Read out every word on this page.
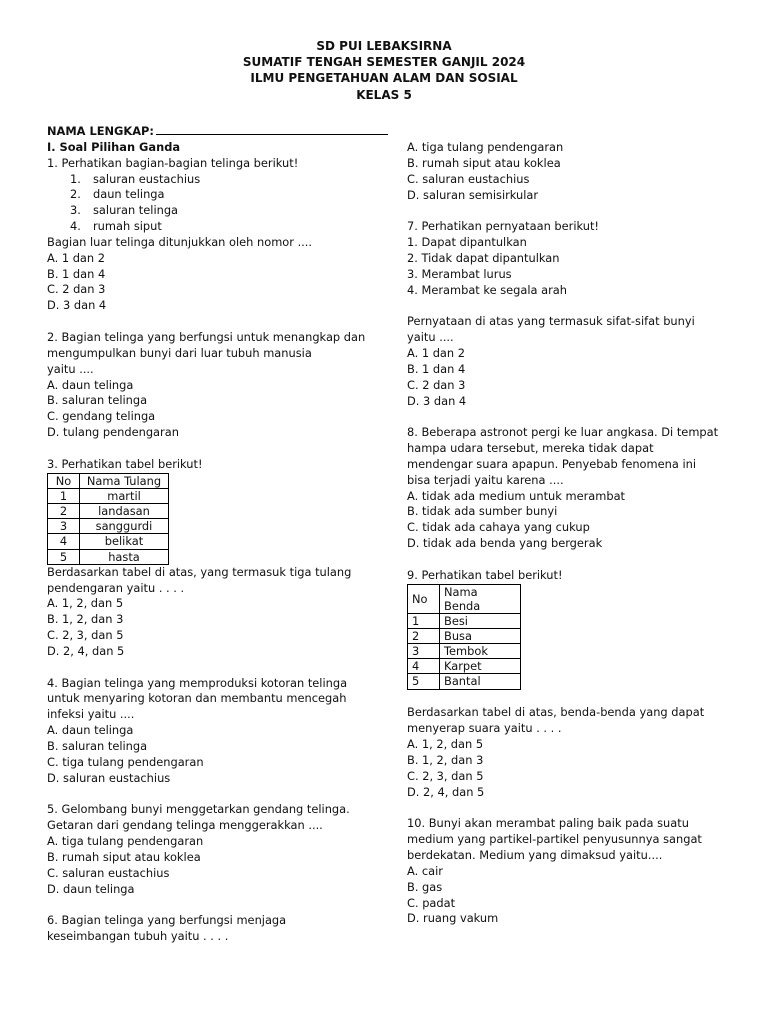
SD PUI LEBAKSIRNA
SUMATIF TENGAH SEMESTER GANJIL 2024
ILMU PENGETAHUAN ALAM DAN SOSIAL
KELAS 5
NAMA LENGKAP:
I. Soal Pilihan Ganda
1. Perhatikan bagian-bagian telinga berikut!
1. saluran eustachius
2. daun telinga
3. saluran telinga
4. rumah siput
Bagian luar telinga ditunjukkan oleh nomor ....
A. 1 dan 2
B. 1 dan 4
C. 2 dan 3
D. 3 dan 4
2. Bagian telinga yang berfungsi untuk menangkap dan
mengumpulkan bunyi dari luar tubuh manusia
yaitu ....
A. daun telinga
B. saluran telinga
C. gendang telinga
D. tulang pendengaran
3. Perhatikan tabel berikut!
No	Nama Tulang
1	martil
2	landasan
3	sanggurdi
4	belikat
5	hasta
Berdasarkan tabel di atas, yang termasuk tiga tulang
pendengaran yaitu . . . .
A. 1, 2, dan 5
B. 1, 2, dan 3
C. 2, 3, dan 5
D. 2, 4, dan 5
4. Bagian telinga yang memproduksi kotoran telinga
untuk menyaring kotoran dan membantu mencegah
infeksi yaitu ....
A. daun telinga
B. saluran telinga
C. tiga tulang pendengaran
D. saluran eustachius
5. Gelombang bunyi menggetarkan gendang telinga.
Getaran dari gendang telinga menggerakkan ....
A. tiga tulang pendengaran
B. rumah siput atau koklea
C. saluran eustachius
D. daun telinga
6. Bagian telinga yang berfungsi menjaga
keseimbangan tubuh yaitu . . . .
A. tiga tulang pendengaran
B. rumah siput atau koklea
C. saluran eustachius
D. saluran semisirkular
7. Perhatikan pernyataan berikut!
1. Dapat dipantulkan
2. Tidak dapat dipantulkan
3. Merambat lurus
4. Merambat ke segala arah
Pernyataan di atas yang termasuk sifat-sifat bunyi
yaitu ....
A. 1 dan 2
B. 1 dan 4
C. 2 dan 3
D. 3 dan 4
8. Beberapa astronot pergi ke luar angkasa. Di tempat
hampa udara tersebut, mereka tidak dapat
mendengar suara apapun. Penyebab fenomena ini
bisa terjadi yaitu karena ....
A. tidak ada medium untuk merambat
B. tidak ada sumber bunyi
C. tidak ada cahaya yang cukup
D. tidak ada benda yang bergerak
9. Perhatikan tabel berikut!
No	Nama Benda
1	Besi
2	Busa
3	Tembok
4	Karpet
5	Bantal
Berdasarkan tabel di atas, benda-benda yang dapat
menyerap suara yaitu . . . .
A. 1, 2, dan 5
B. 1, 2, dan 3
C. 2, 3, dan 5
D. 2, 4, dan 5
10. Bunyi akan merambat paling baik pada suatu
medium yang partikel-partikel penyusunnya sangat
berdekatan. Medium yang dimaksud yaitu....
A. cair
B. gas
C. padat
D. ruang vakum
